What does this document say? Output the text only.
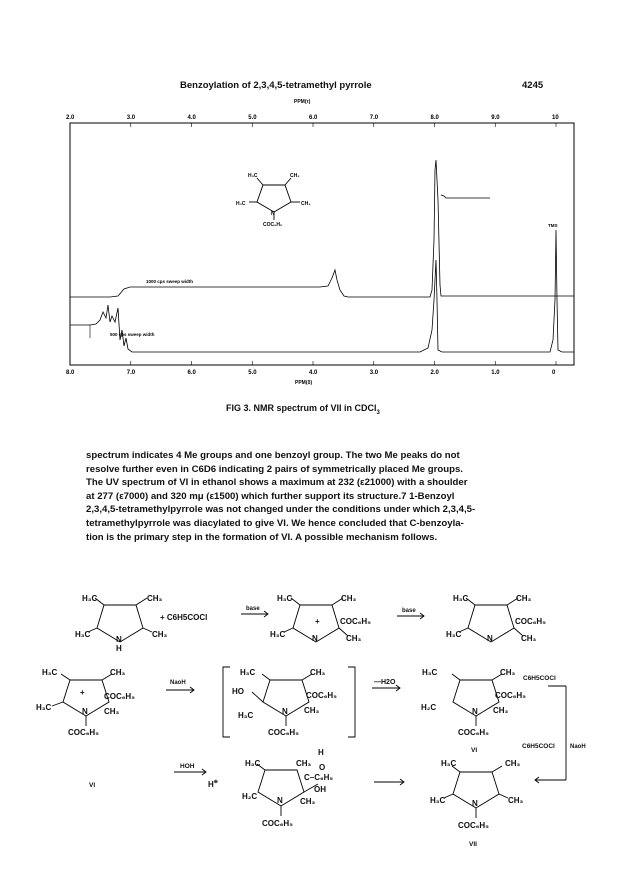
Benzoylation of 2,3,4,5-tetramethyl pyrrole	4245
PPM(τ)
2.0	3.0	4.0	5.0	6.0	7.0	8.0	9.0	10
8.0	7.0	6.0	5.0	4.0	3.0	2.0	1.0	0
PPM(δ)
H₃C	CH₃
H₃C	CH₃
N
COC₆H₅
1000 cps sweep width
500 cps sweep width
TMS
FIG 3. NMR spectrum of VII in CDCl$_3$
spectrum indicates 4 Me groups and one benzoyl group. The two Me peaks do not
resolve further even in C6D6 indicating 2 pairs of symmetrically placed Me groups.
The UV spectrum of VI in ethanol shows a maximum at 232 (ε21000) with a shoulder
at 277 (ε7000) and 320 mμ (ε1500) which further support its structure.7 1-Benzoyl
2,3,4,5-tetramethylpyrrole was not changed under the conditions under which 2,3,4,5-
tetramethylpyrrole was diacylated to give VI. We hence concluded that C-benzoyla-
tion is the primary step in the formation of VI. A possible mechanism follows.
H₃C	CH₃
H₃C	CH₃
N
H
+ C6H5COCl
base
H₃C	CH₃
H₃C	CH₃
N
+	COC₆H₅
base
H₃C	CH₃
H₃C	CH₃
N
COC₆H₅
H₃C	CH₃
H₃C	N
COC₆H₅
CH₃
+
COC₆H₅
NaoH
H₃C	CH₃
HO	COC₆H₅
H₃C	N CH₃
COC₆H₅
—H2O
H₃C	CH₃
COC₆H₅
H₂C	N CH₃
COC₆H₅
C6H5COCl
VI
C6H5COCl	NaoH
VI
HOH
H⊕
H₃C	CH₃
H
O
C–C₆H₅
OH
H₂C N CH₃
COC₆H₅
H₃C	CH₃
H₃C	N	CH₃
COC₆H₅
VII
